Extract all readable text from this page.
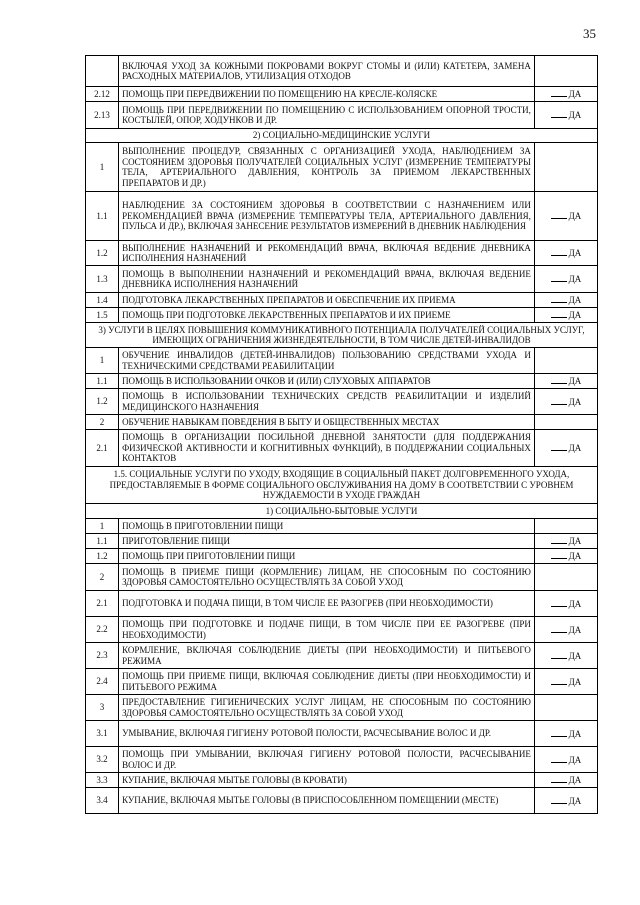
35
	ВКЛЮЧАЯ УХОД ЗА КОЖНЫМИ ПОКРОВАМИ ВОКРУГ СТОМЫ И (ИЛИ) КАТЕТЕРА, ЗАМЕНА РАСХОДНЫХ МАТЕРИАЛОВ, УТИЛИЗАЦИЯ ОТХОДОВ	
2.12	ПОМОЩЬ ПРИ ПЕРЕДВИЖЕНИИ ПО ПОМЕЩЕНИЮ НА КРЕСЛЕ-КОЛЯСКЕ	ДА
2.13	ПОМОЩЬ ПРИ ПЕРЕДВИЖЕНИИ ПО ПОМЕЩЕНИЮ С ИСПОЛЬЗОВАНИЕМ ОПОРНОЙ ТРОСТИ, КОСТЫЛЕЙ, ОПОР, ХОДУНКОВ И ДР.	ДА
2) СОЦИАЛЬНО-МЕДИЦИНСКИЕ УСЛУГИ		
1	ВЫПОЛНЕНИЕ ПРОЦЕДУР, СВЯЗАННЫХ С ОРГАНИЗАЦИЕЙ УХОДА, НАБЛЮДЕНИЕМ ЗА СОСТОЯНИЕМ ЗДОРОВЬЯ ПОЛУЧАТЕЛЕЙ СОЦИАЛЬНЫХ УСЛУГ (ИЗМЕРЕНИЕ ТЕМПЕРАТУРЫ ТЕЛА, АРТЕРИАЛЬНОГО ДАВЛЕНИЯ, КОНТРОЛЬ ЗА ПРИЕМОМ ЛЕКАРСТВЕННЫХ ПРЕПАРАТОВ И ДР.)	
1.1	НАБЛЮДЕНИЕ ЗА СОСТОЯНИЕМ ЗДОРОВЬЯ В СООТВЕТСТВИИ С НАЗНАЧЕНИЕМ ИЛИ РЕКОМЕНДАЦИЕЙ ВРАЧА (ИЗМЕРЕНИЕ ТЕМПЕРАТУРЫ ТЕЛА, АРТЕРИАЛЬНОГО ДАВЛЕНИЯ, ПУЛЬСА И ДР.), ВКЛЮЧАЯ ЗАНЕСЕНИЕ РЕЗУЛЬТАТОВ ИЗМЕРЕНИЙ В ДНЕВНИК НАБЛЮДЕНИЯ	ДА
1.2	ВЫПОЛНЕНИЕ НАЗНАЧЕНИЙ И РЕКОМЕНДАЦИЙ ВРАЧА, ВКЛЮЧАЯ ВЕДЕНИЕ ДНЕВНИКА ИСПОЛНЕНИЯ НАЗНАЧЕНИЙ	ДА
1.3	ПОМОЩЬ В ВЫПОЛНЕНИИ НАЗНАЧЕНИЙ И РЕКОМЕНДАЦИЙ ВРАЧА, ВКЛЮЧАЯ ВЕДЕНИЕ ДНЕВНИКА ИСПОЛНЕНИЯ НАЗНАЧЕНИЙ	ДА
1.4	ПОДГОТОВКА ЛЕКАРСТВЕННЫХ ПРЕПАРАТОВ И ОБЕСПЕЧЕНИЕ ИХ ПРИЕМА	ДА
1.5	ПОМОЩЬ ПРИ ПОДГОТОВКЕ ЛЕКАРСТВЕННЫХ ПРЕПАРАТОВ И ИХ ПРИЕМЕ	ДА
3) УСЛУГИ В ЦЕЛЯХ ПОВЫШЕНИЯ КОММУНИКАТИВНОГО ПОТЕНЦИАЛА ПОЛУЧАТЕЛЕЙ СОЦИАЛЬНЫХ УСЛУГ, ИМЕЮЩИХ ОГРАНИЧЕНИЯ ЖИЗНЕДЕЯТЕЛЬНОСТИ, В ТОМ ЧИСЛЕ ДЕТЕЙ-ИНВАЛИДОВ		
1	ОБУЧЕНИЕ ИНВАЛИДОВ (ДЕТЕЙ-ИНВАЛИДОВ) ПОЛЬЗОВАНИЮ СРЕДСТВАМИ УХОДА И ТЕХНИЧЕСКИМИ СРЕДСТВАМИ РЕАБИЛИТАЦИИ	
1.1	ПОМОЩЬ В ИСПОЛЬЗОВАНИИ ОЧКОВ И (ИЛИ) СЛУХОВЫХ АППАРАТОВ	ДА
1.2	ПОМОЩЬ В ИСПОЛЬЗОВАНИИ ТЕХНИЧЕСКИХ СРЕДСТВ РЕАБИЛИТАЦИИ И ИЗДЕЛИЙ МЕДИЦИНСКОГО НАЗНАЧЕНИЯ	ДА
2	ОБУЧЕНИЕ НАВЫКАМ ПОВЕДЕНИЯ В БЫТУ И ОБЩЕСТВЕННЫХ МЕСТАХ	
2.1	ПОМОЩЬ В ОРГАНИЗАЦИИ ПОСИЛЬНОЙ ДНЕВНОЙ ЗАНЯТОСТИ (ДЛЯ ПОДДЕРЖАНИЯ ФИЗИЧЕСКОЙ АКТИВНОСТИ И КОГНИТИВНЫХ ФУНКЦИЙ), В ПОДДЕРЖАНИИ СОЦИАЛЬНЫХ КОНТАКТОВ	ДА
1.5. СОЦИАЛЬНЫЕ УСЛУГИ ПО УХОДУ, ВХОДЯЩИЕ В СОЦИАЛЬНЫЙ ПАКЕТ ДОЛГОВРЕМЕННОГО УХОДА, ПРЕДОСТАВЛЯЕМЫЕ В ФОРМЕ СОЦИАЛЬНОГО ОБСЛУЖИВАНИЯ НА ДОМУ В СООТВЕТСТВИИ С УРОВНЕМ НУЖДАЕМОСТИ В УХОДЕ ГРАЖДАН		
1) СОЦИАЛЬНО-БЫТОВЫЕ УСЛУГИ		
1	ПОМОЩЬ В ПРИГОТОВЛЕНИИ ПИЩИ	
1.1	ПРИГОТОВЛЕНИЕ ПИЩИ	ДА
1.2	ПОМОЩЬ ПРИ ПРИГОТОВЛЕНИИ ПИЩИ	ДА
2	ПОМОЩЬ В ПРИЕМЕ ПИЩИ (КОРМЛЕНИЕ) ЛИЦАМ, НЕ СПОСОБНЫМ ПО СОСТОЯНИЮ ЗДОРОВЬЯ САМОСТОЯТЕЛЬНО ОСУЩЕСТВЛЯТЬ ЗА СОБОЙ УХОД	
2.1	ПОДГОТОВКА И ПОДАЧА ПИЩИ, В ТОМ ЧИСЛЕ ЕЕ РАЗОГРЕВ (ПРИ НЕОБХОДИМОСТИ)	ДА
2.2	ПОМОЩЬ ПРИ ПОДГОТОВКЕ И ПОДАЧЕ ПИЩИ, В ТОМ ЧИСЛЕ ПРИ ЕЕ РАЗОГРЕВЕ (ПРИ НЕОБХОДИМОСТИ)	ДА
2.3	КОРМЛЕНИЕ, ВКЛЮЧАЯ СОБЛЮДЕНИЕ ДИЕТЫ (ПРИ НЕОБХОДИМОСТИ) И ПИТЬЕВОГО РЕЖИМА	ДА
2.4	ПОМОЩЬ ПРИ ПРИЕМЕ ПИЩИ, ВКЛЮЧАЯ СОБЛЮДЕНИЕ ДИЕТЫ (ПРИ НЕОБХОДИМОСТИ) И ПИТЬЕВОГО РЕЖИМА	ДА
3	ПРЕДОСТАВЛЕНИЕ ГИГИЕНИЧЕСКИХ УСЛУГ ЛИЦАМ, НЕ СПОСОБНЫМ ПО СОСТОЯНИЮ ЗДОРОВЬЯ САМОСТОЯТЕЛЬНО ОСУЩЕСТВЛЯТЬ ЗА СОБОЙ УХОД	
3.1	УМЫВАНИЕ, ВКЛЮЧАЯ ГИГИЕНУ РОТОВОЙ ПОЛОСТИ, РАСЧЕСЫВАНИЕ ВОЛОС И ДР.	ДА
3.2	ПОМОЩЬ ПРИ УМЫВАНИИ, ВКЛЮЧАЯ ГИГИЕНУ РОТОВОЙ ПОЛОСТИ, РАСЧЕСЫВАНИЕ ВОЛОС И ДР.	ДА
3.3	КУПАНИЕ, ВКЛЮЧАЯ МЫТЬЕ ГОЛОВЫ (В КРОВАТИ)	ДА
3.4	КУПАНИЕ, ВКЛЮЧАЯ МЫТЬЕ ГОЛОВЫ (В ПРИСПОСОБЛЕННОМ ПОМЕЩЕНИИ (МЕСТЕ)	ДА
